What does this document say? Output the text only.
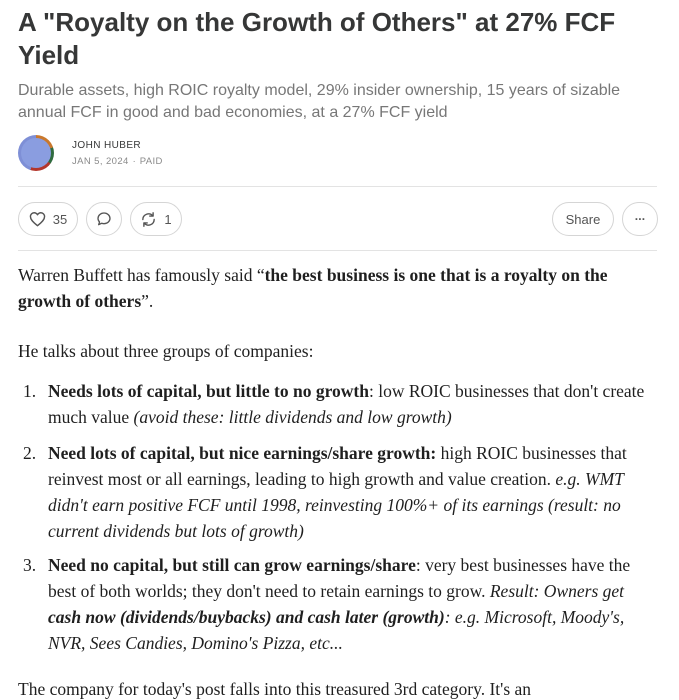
A "Royalty on the Growth of Others" at 27% FCF Yield
Durable assets, high ROIC royalty model, 29% insider ownership, 15 years of sizable annual FCF in good and bad economies, at a 27% FCF yield
JOHN HUBER
JAN 5, 2024 ∙ PAID
35	1	Share	···

Warren Buffett has famously said “the best business is one that is a royalty on the growth of others”.

He talks about three groups of companies:

1. Needs lots of capital, but little to no growth: low ROIC businesses that don't create much value (avoid these: little dividends and low growth)
2. Need lots of capital, but nice earnings/share growth: high ROIC businesses that reinvest most or all earnings, leading to high growth and value creation. e.g. WMT didn't earn positive FCF until 1998, reinvesting 100%+ of its earnings (result: no current dividends but lots of growth)
3. Need no capital, but still can grow earnings/share: very best businesses have the best of both worlds; they don't need to retain earnings to grow. Result: Owners get cash now (dividends/buybacks) and cash later (growth): e.g. Microsoft, Moody's, NVR, Sees Candies, Domino's Pizza, etc...

The company for today's post falls into this treasured 3rd category. It's an
